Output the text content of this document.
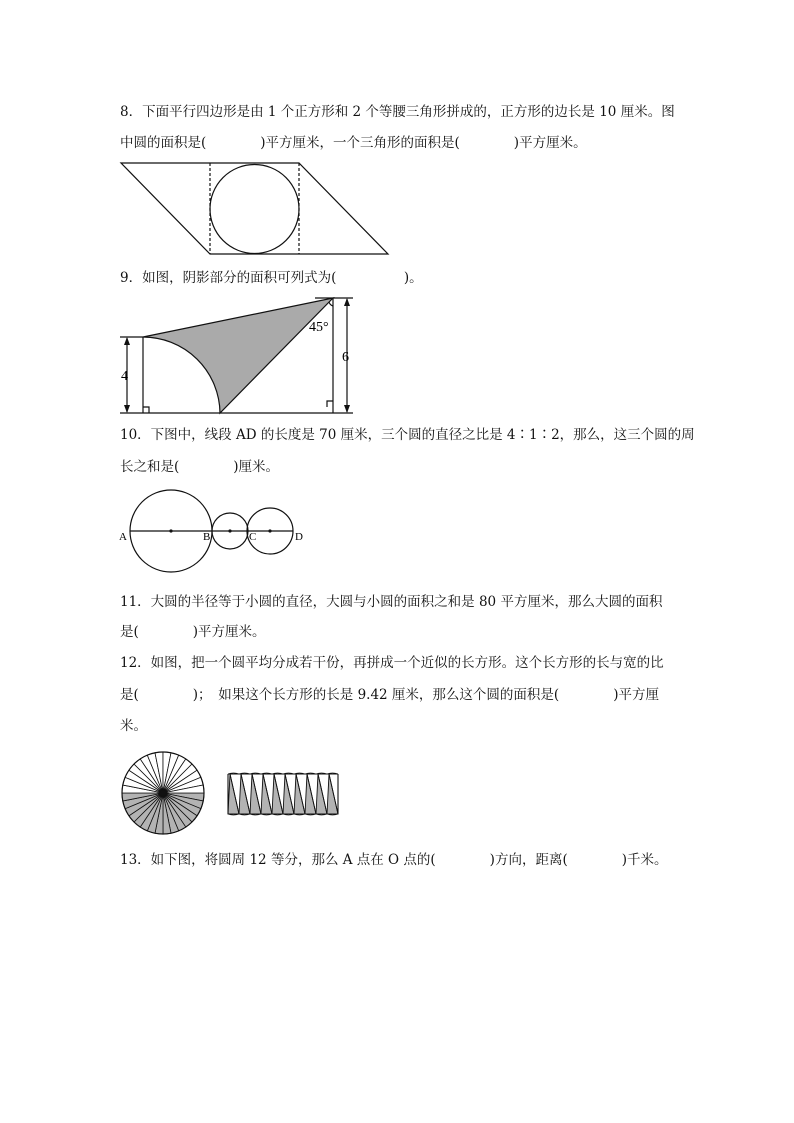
8．下面平行四边形是由 1 个正方形和 2 个等腰三角形拼成的，正方形的边长是 10 厘米。图
中圆的面积是(　　　　)平方厘米，一个三角形的面积是(　　　　)平方厘米。
9．如图，阴影部分的面积可列式为(　　　　　)。
45°
4
6
10．下图中，线段 AD 的长度是 70 厘米，三个圆的直径之比是 4∶1∶2，那么，这三个圆的周
长之和是(　　　　)厘米。
A	B	C	D
11．大圆的半径等于小圆的直径，大圆与小圆的面积之和是 80 平方厘米，那么大圆的面积
是(　　　　)平方厘米。
12．如图，把一个圆平均分成若干份，再拼成一个近似的长方形。这个长方形的长与宽的比
是(　　　　)；　如果这个长方形的长是 9.42 厘米，那么这个圆的面积是(　　　　)平方厘
米。
13．如下图，将圆周 12 等分，那么 A 点在 O 点的(　　　　)方向，距离(　　　　)千米。
